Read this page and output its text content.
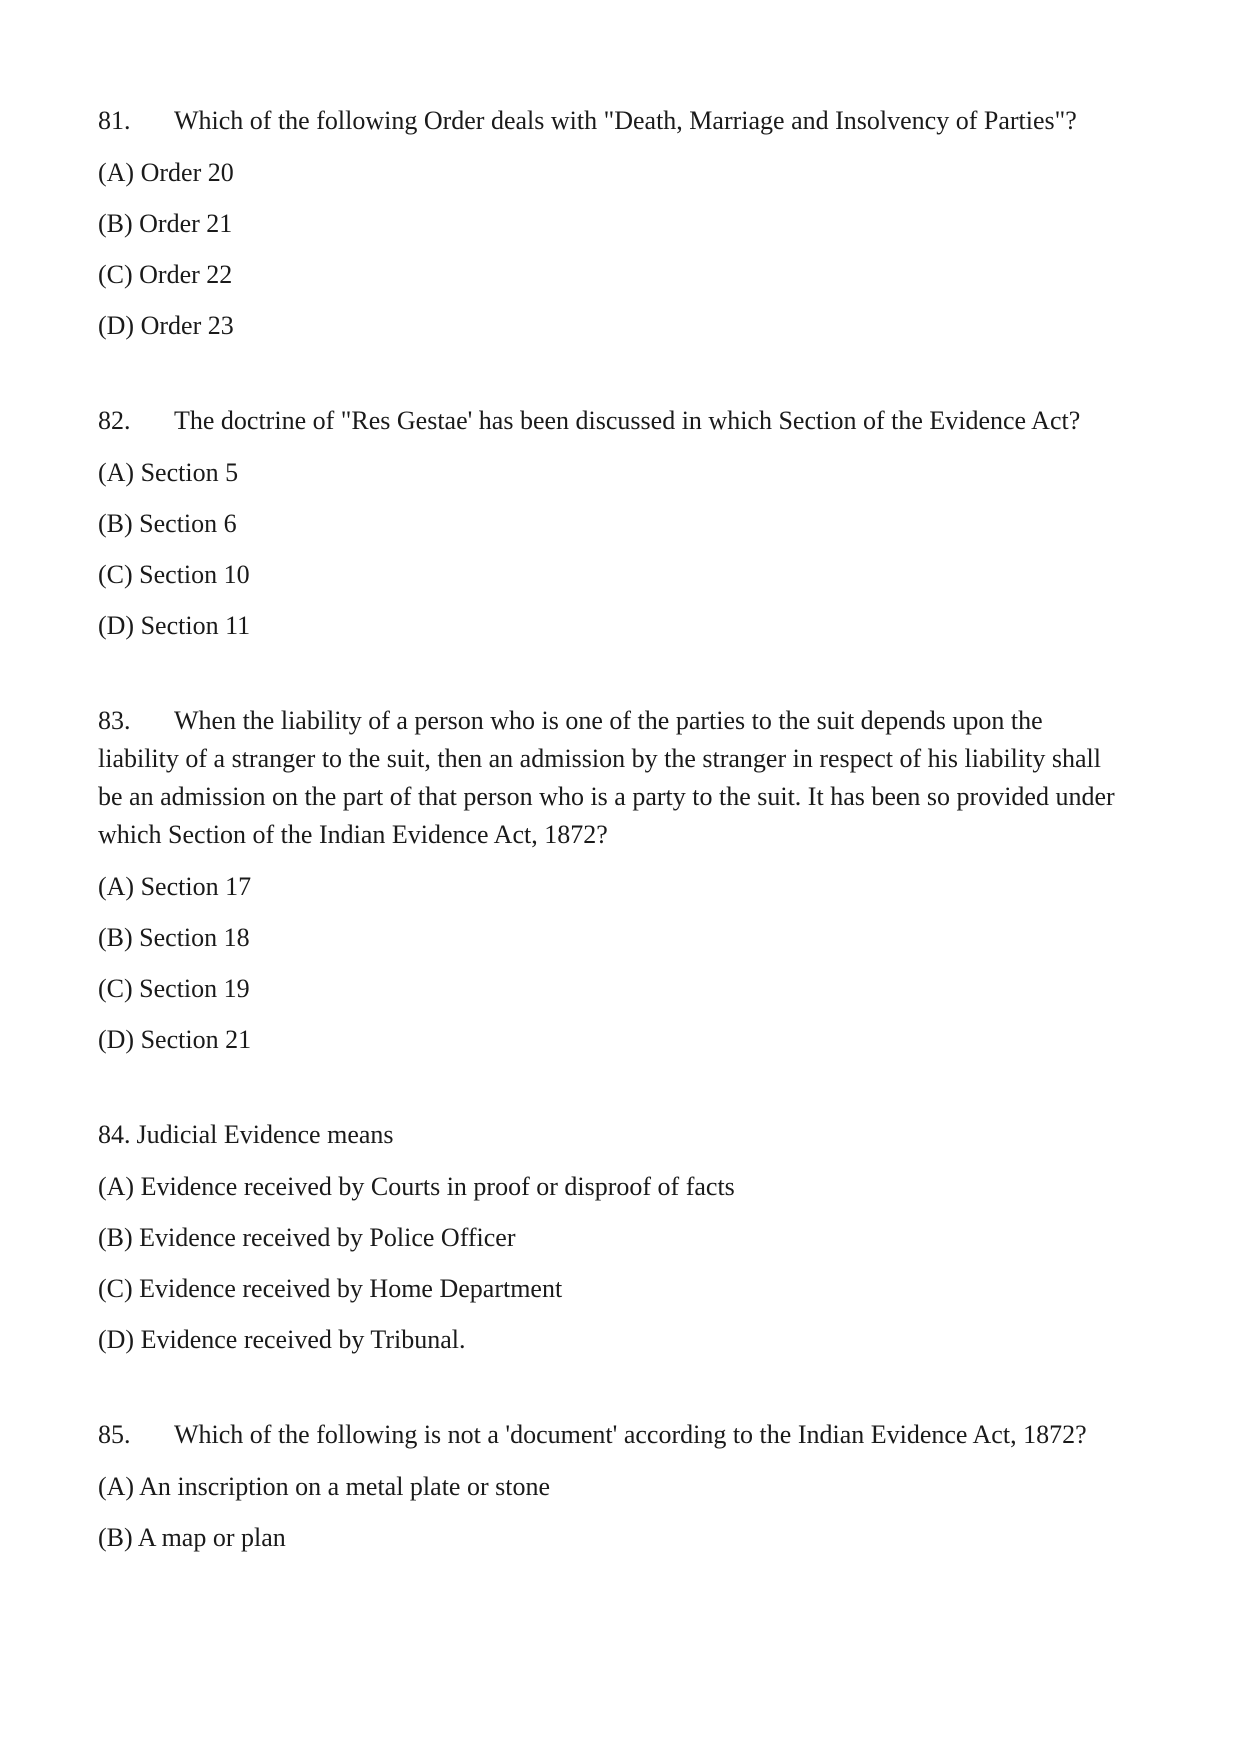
81. Which of the following Order deals with "Death, Marriage and Insolvency of Parties"?

(A) Order 20
(B) Order 21
(C) Order 22
(D) Order 23

82. The doctrine of "Res Gestae' has been discussed in which Section of the Evidence Act?

(A) Section 5
(B) Section 6
(C) Section 10
(D) Section 11

83. When the liability of a person who is one of the parties to the suit depends upon the liability of a stranger to the suit, then an admission by the stranger in respect of his liability shall be an admission on the part of that person who is a party to the suit. It has been so provided under which Section of the Indian Evidence Act, 1872?

(A) Section 17
(B) Section 18
(C) Section 19
(D) Section 21

84. Judicial Evidence means

(A) Evidence received by Courts in proof or disproof of facts
(B) Evidence received by Police Officer
(C) Evidence received by Home Department
(D) Evidence received by Tribunal.

85. Which of the following is not a 'document' according to the Indian Evidence Act, 1872?

(A) An inscription on a metal plate or stone
(B) A map or plan
